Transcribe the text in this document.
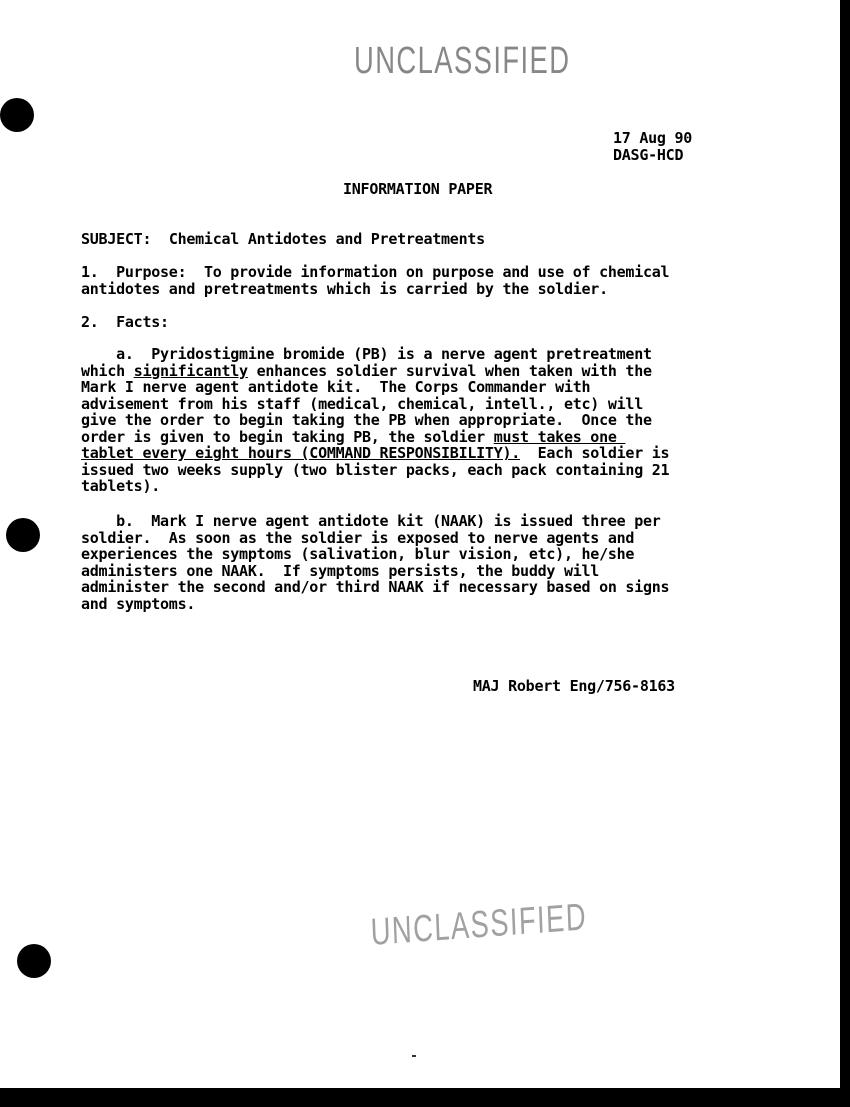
UNCLASSIFIED
UNCLASSIFIED
17 Aug 90
DASG-HCD
INFORMATION PAPER
SUBJECT: Chemical Antidotes and Pretreatments
1. Purpose: To provide information on purpose and use of chemical
antidotes and pretreatments which is carried by the soldier.
2.  Facts:
a.  Pyridostigmine bromide (PB) is a nerve agent pretreatment
which significantly enhances soldier survival when taken with the
Mark I nerve agent antidote kit.  The Corps Commander with
advisement from his staff (medical, chemical, intell., etc) will
give the order to begin taking the PB when appropriate.  Once the
order is given to begin taking PB, the soldier must takes one
tablet every eight hours (COMMAND RESPONSIBILITY).  Each soldier is
issued two weeks supply (two blister packs, each pack containing 21
tablets).
b.  Mark I nerve agent antidote kit (NAAK) is issued three per
soldier.  As soon as the soldier is exposed to nerve agents and
experiences the symptoms (salivation, blur vision, etc), he/she
administers one NAAK.  If symptoms persists, the buddy will
administer the second and/or third NAAK if necessary based on signs
and symptoms.
MAJ Robert Eng/756-8163
